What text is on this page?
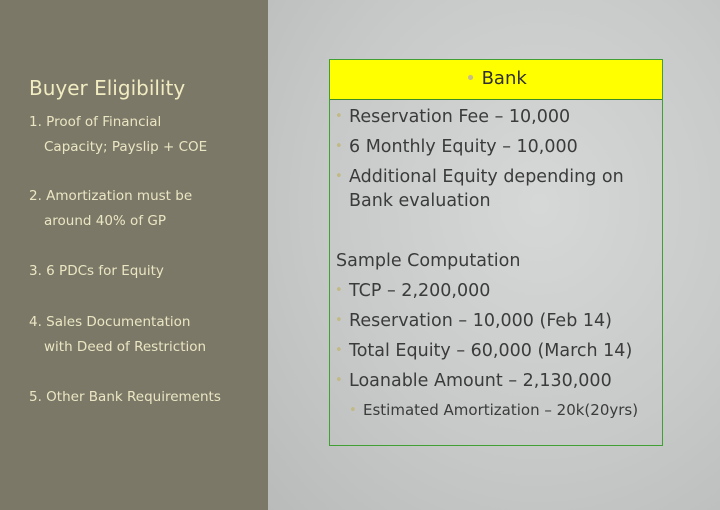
Buyer Eligibility
1. Proof of Financial
Capacity; Payslip + COE
2. Amortization must be
around 40% of GP
3. 6 PDCs for Equity
4. Sales Documentation
with Deed of Restriction
5. Other Bank Requirements
• Bank
• Reservation Fee – 10,000
• 6 Monthly Equity – 10,000
• Additional Equity depending on
Bank evaluation
Sample Computation
• TCP – 2,200,000
• Reservation – 10,000 (Feb 14)
• Total Equity – 60,000 (March 14)
• Loanable Amount – 2,130,000
• Estimated Amortization – 20k(20yrs)
